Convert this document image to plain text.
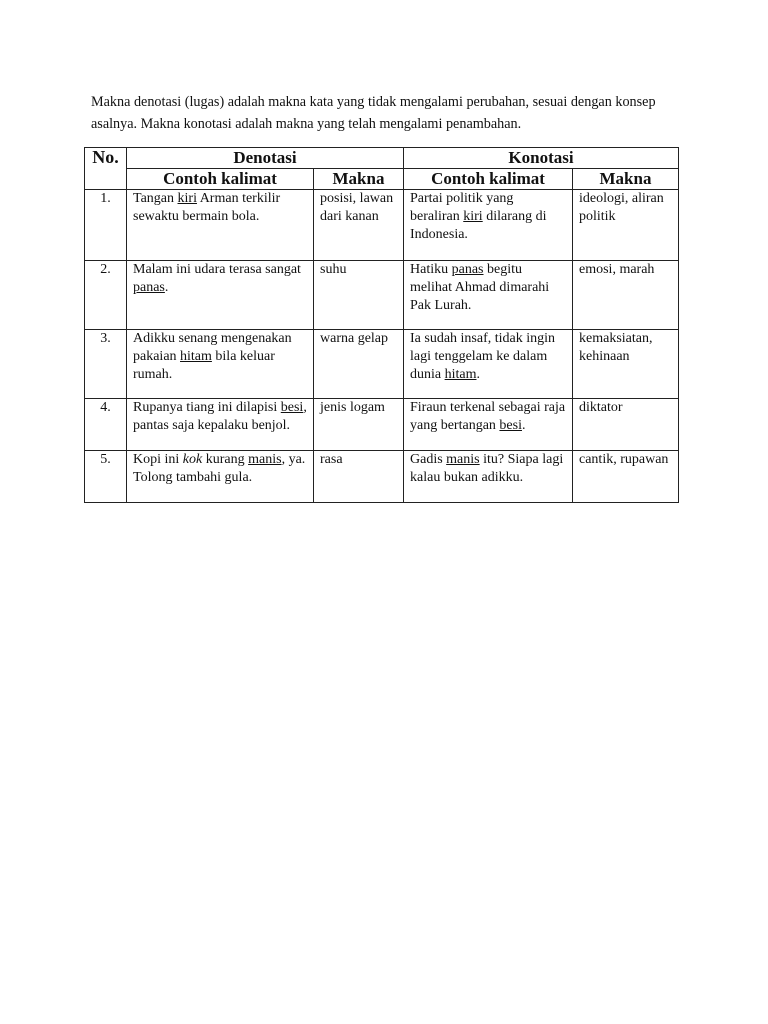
Makna denotasi (lugas) adalah makna kata yang tidak mengalami perubahan, sesuai dengan konsep asalnya. Makna konotasi adalah makna yang telah mengalami penambahan.

No.	Denotasi		Konotasi	
	Contoh kalimat	Makna	Contoh kalimat	Makna
1.	Tangan kiri Arman terkilir sewaktu bermain bola.	posisi, lawan dari kanan	Partai politik yang beraliran kiri dilarang di Indonesia.	ideologi, aliran politik
2.	Malam ini udara terasa sangat panas.	suhu	Hatiku panas begitu melihat Ahmad dimarahi Pak Lurah.	emosi, marah
3.	Adikku senang mengenakan pakaian hitam bila keluar rumah.	warna gelap	Ia sudah insaf, tidak ingin lagi tenggelam ke dalam dunia hitam.	kemaksiatan, kehinaan
4.	Rupanya tiang ini dilapisi besi, pantas saja kepalaku benjol.	jenis logam	Firaun terkenal sebagai raja yang bertangan besi.	diktator
5.	Kopi ini kok kurang manis, ya. Tolong tambahi gula.	rasa	Gadis manis itu? Siapa lagi kalau bukan adikku.	cantik, rupawan
